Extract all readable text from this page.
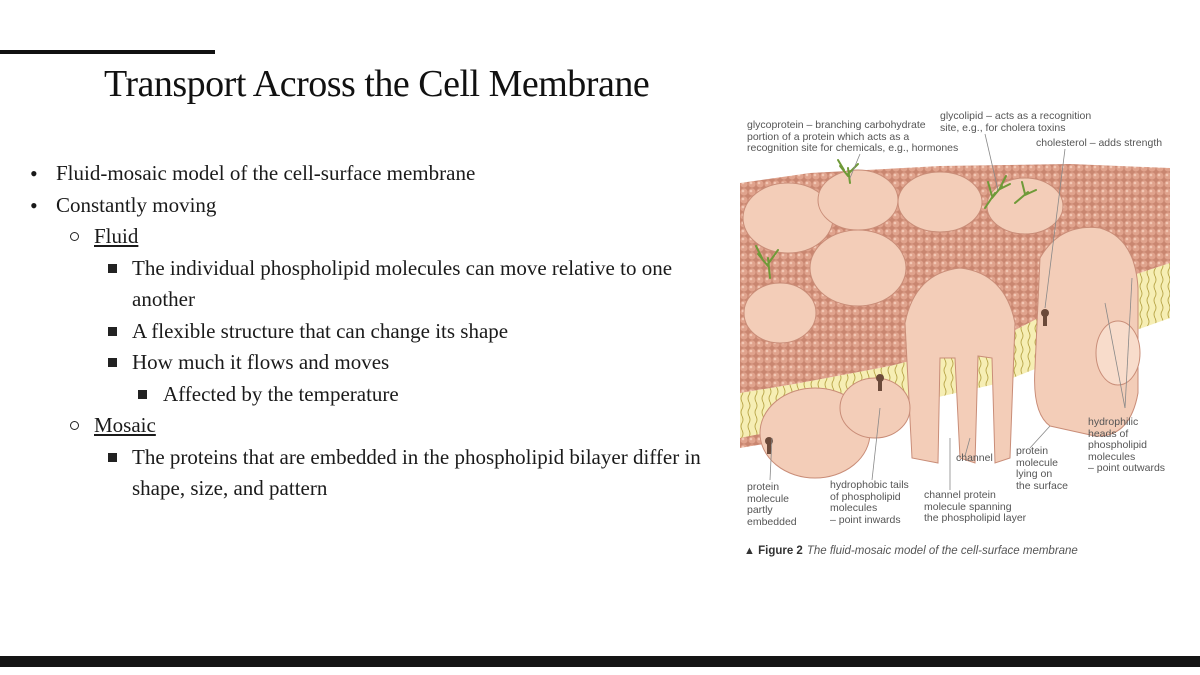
Transport Across the Cell Membrane
• Fluid-mosaic model of the cell-surface membrane
• Constantly moving
Fluid
The individual phospholipid molecules can move relative to one another
A flexible structure that can change its shape
How much it flows and moves
Affected by the temperature
Mosaic
The proteins that are embedded in the phospholipid bilayer differ in shape, size, and pattern
glycoprotein – branching carbohydrate
portion of a protein which acts as a
recognition site for chemicals, e.g., hormones
glycolipid – acts as a recognition
site, e.g., for cholera toxins
cholesterol – adds strength
hydrophilic
heads of
phospholipid
molecules
– point outwards
channel
protein
molecule
lying on
the surface
protein
molecule
partly
embedded
hydrophobic tails
of phospholipid
molecules
– point inwards
channel protein
molecule spanning
the phospholipid layer
▲ Figure 2 The fluid-mosaic model of the cell-surface membrane
